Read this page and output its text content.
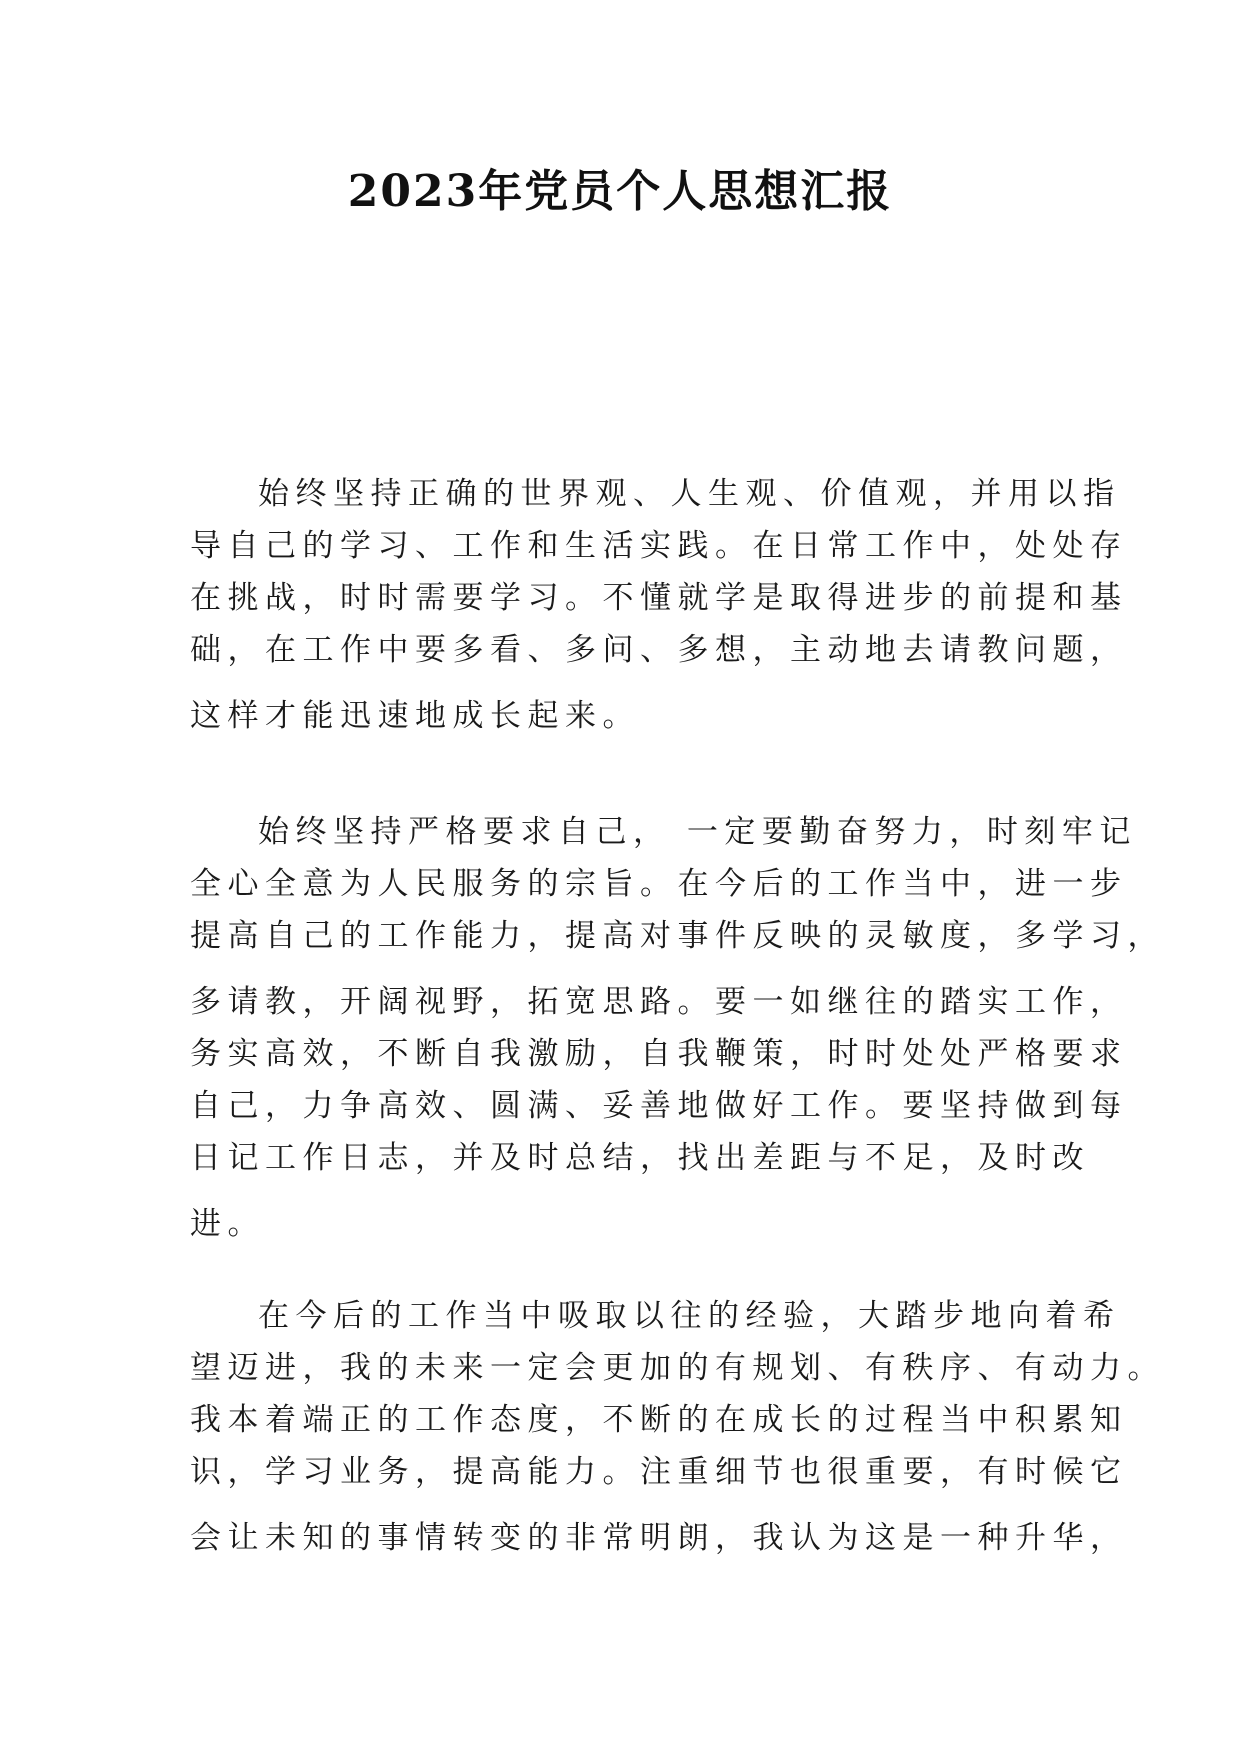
2023年党员个人思想汇报
始终坚持正确的世界观、人生观、价值观，并用以指
导自己的学习、工作和生活实践。在日常工作中，处处存
在挑战，时时需要学习。不懂就学是取得进步的前提和基
础，在工作中要多看、多问、多想，主动地去请教问题，
这样才能迅速地成长起来。
始终坚持严格要求自己， 一定要勤奋努力，时刻牢记
全心全意为人民服务的宗旨。在今后的工作当中，进一步
提高自己的工作能力，提高对事件反映的灵敏度，多学习，
多请教，开阔视野，拓宽思路。要一如继往的踏实工作，
务实高效，不断自我激励，自我鞭策，时时处处严格要求
自己，力争高效、圆满、妥善地做好工作。要坚持做到每
日记工作日志，并及时总结，找出差距与不足，及时改
进。
在今后的工作当中吸取以往的经验，大踏步地向着希
望迈进，我的未来一定会更加的有规划、有秩序、有动力。
我本着端正的工作态度，不断的在成长的过程当中积累知
识，学习业务，提高能力。注重细节也很重要，有时候它
会让未知的事情转变的非常明朗，我认为这是一种升华，
